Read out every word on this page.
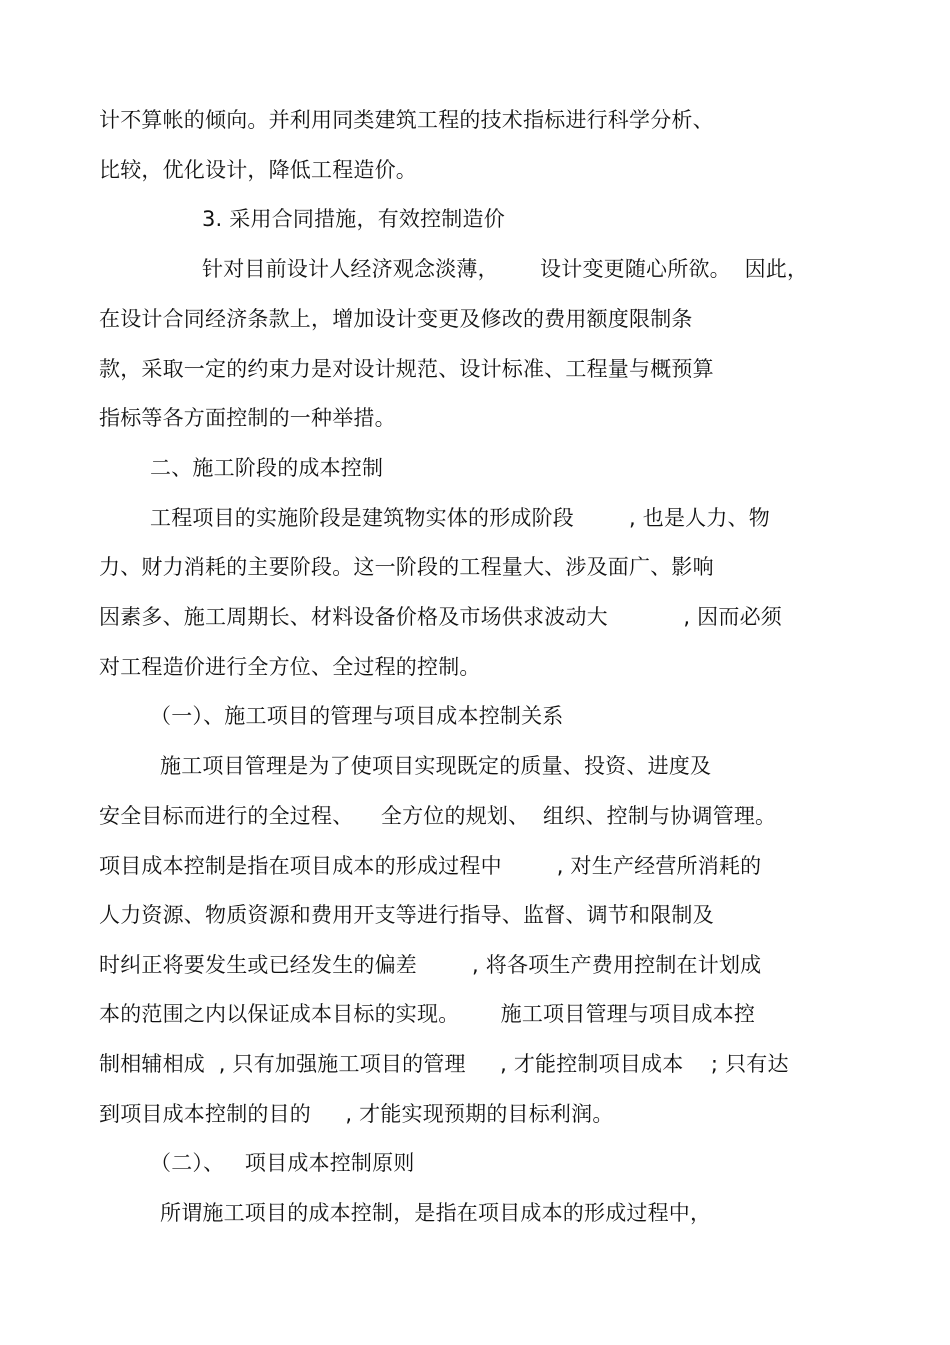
计不算帐的倾向。并利用同类建筑工程的技术指标进行科学分析、
比较，优化设计，降低工程造价。
3. 采用合同措施，有效控制造价
针对目前设计人经济观念淡薄，      设计变更随心所欲。  因此，
在设计合同经济条款上，增加设计变更及修改的费用额度限制条
款，采取一定的约束力是对设计规范、设计标准、工程量与概预算
指标等各方面控制的一种举措。
二、施工阶段的成本控制
工程项目的实施阶段是建筑物实体的形成阶段        , 也是人力、物
力、财力消耗的主要阶段。这一阶段的工程量大、涉及面广、影响
因素多、施工周期长、材料设备价格及市场供求波动大           , 因而必须
对工程造价进行全方位、全过程的控制。
（一）、施工项目的管理与项目成本控制关系
施工项目管理是为了使项目实现既定的质量、投资、进度及
安全目标而进行的全过程、    全方位的规划、  组织、控制与协调管理。
项目成本控制是指在项目成本的形成过程中        , 对生产经营所消耗的
人力资源、物质资源和费用开支等进行指导、监督、调节和限制及
时纠正将要发生或已经发生的偏差        , 将各项生产费用控制在计划成
本的范围之内以保证成本目标的实现。      施工项目管理与项目成本控
制相辅相成  , 只有加强施工项目的管理     , 才能控制项目成本    ; 只有达
到项目成本控制的目的     , 才能实现预期的目标利润。
（二）、   项目成本控制原则
所谓施工项目的成本控制，是指在项目成本的形成过程中，
